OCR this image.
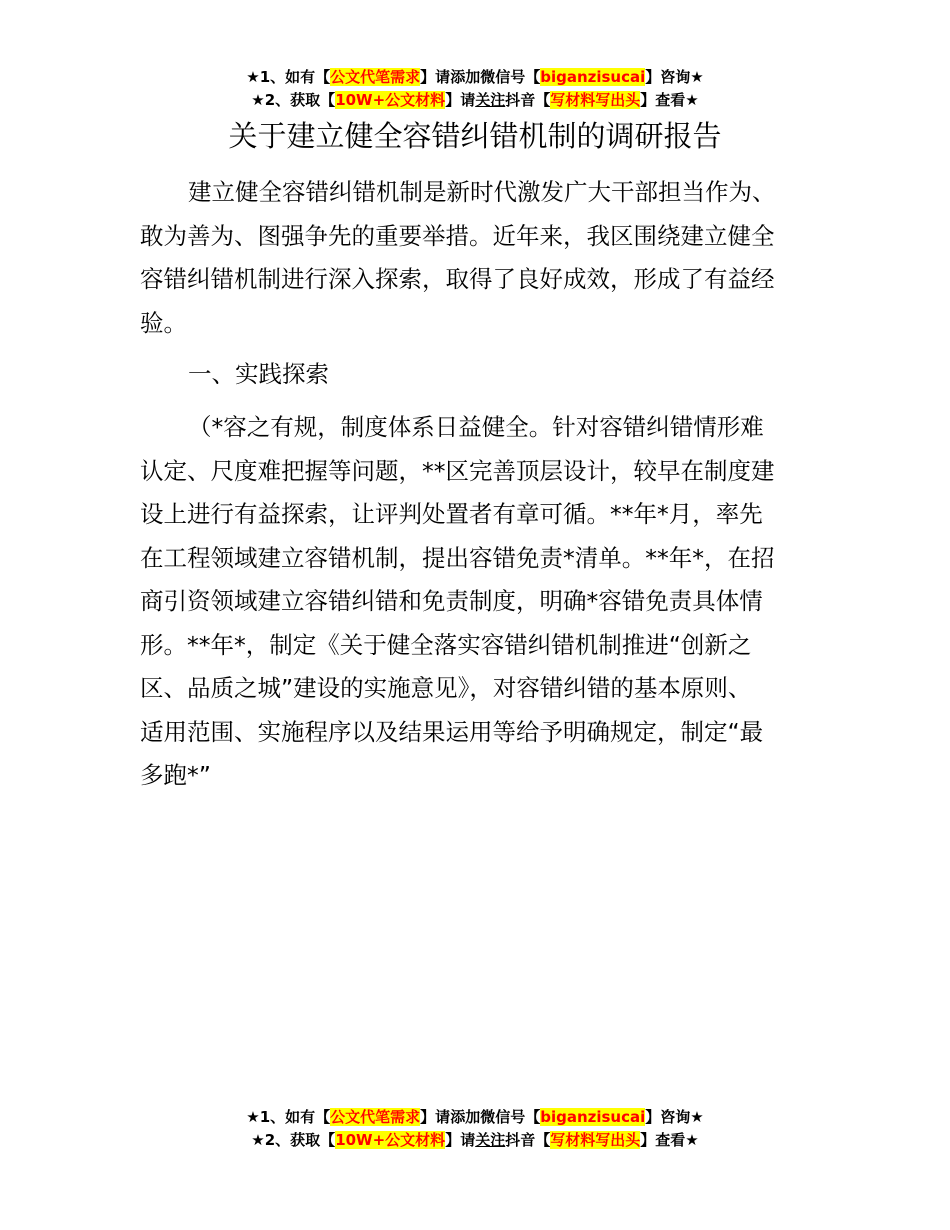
★1、如有【公文代笔需求】请添加微信号【biganzisucai】咨询★
★2、获取【10W+公文材料】请关注抖音【写材料写出头】查看★
关于建立健全容错纠错机制的调研报告
建立健全容错纠错机制是新时代激发广大干部担当作为、
敢为善为、图强争先的重要举措。近年来，我区围绕建立健全
容错纠错机制进行深入探索，取得了良好成效，形成了有益经
验。
一、实践探索
（*容之有规，制度体系日益健全。针对容错纠错情形难
认定、尺度难把握等问题，**区完善顶层设计，较早在制度建
设上进行有益探索，让评判处置者有章可循。**年*月，率先
在工程领域建立容错机制，提出容错免责*清单。**年*，在招
商引资领域建立容错纠错和免责制度，明确*容错免责具体情
形。**年*，制定《关于健全落实容错纠错机制推进“创新之
区、品质之城”建设的实施意见》，对容错纠错的基本原则、
适用范围、实施程序以及结果运用等给予明确规定，制定“最
多跑*”
★1、如有【公文代笔需求】请添加微信号【biganzisucai】咨询★
★2、获取【10W+公文材料】请关注抖音【写材料写出头】查看★
